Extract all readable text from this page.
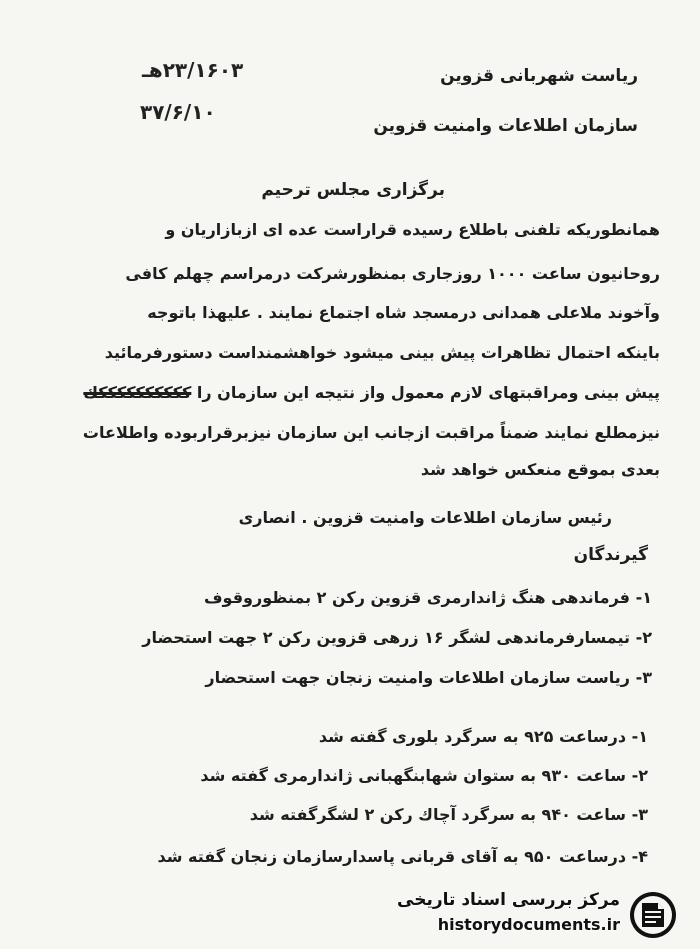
رياست شهربانى قزوين
سازمان اطلاعات وامنيت قزوين
۲۳/۱۶۰۳هـ
۳۷/۶/۱۰
برگزارى مجلس ترحيم
همانطوريكه تلفنى باطلاع رسيده قراراست عده اى ازبازاريان و
روحانيون ساعت ۱۰۰۰ روزجارى بمنظورشركت درمراسم چهلم كافى
وآخوند ملاعلى همدانى درمسجد شاه اجتماع نمايند . عليهذا باتوجه
باينكه احتمال تظاهرات پيش بينى ميشود خواهشمنداست دستورفرمائيد
پيش بينى ومراقبتهاى لازم معمول واز نتيجه اين سازمان را ككككككككككك
نيزمطلع نمايند ضمناً مراقبت ازجانب اين سازمان نيزبرقراربوده واطلاعات
بعدى بموقع منعكس خواهد شد
رئيس سازمان اطلاعات وامنيت قزوين . انصارى
گيرندگان
۱- فرماندهى هنگ ژاندارمرى قزوين ركن ۲ بمنظوروقوف
۲- تيمسارفرماندهى لشگر ۱۶ زرهى قزوين ركن ۲ جهت استحضار
۳- رياست سازمان اطلاعات وامنيت زنجان جهت استحضار
۱- درساعت ۹۲۵ به سرگرد بلورى گفته شد
۲- ساعت ۹۳۰ به ستوان شهابنگهبانى ژاندارمرى گفته شد
۳- ساعت ۹۴۰ به سرگرد آچاك ركن ۲ لشگرگفته شد
۴- درساعت ۹۵۰ به آقاى قربانى پاسدارسازمان زنجان گفته شد
مركز بررسى اسناد تاريخى
historydocuments.ir
